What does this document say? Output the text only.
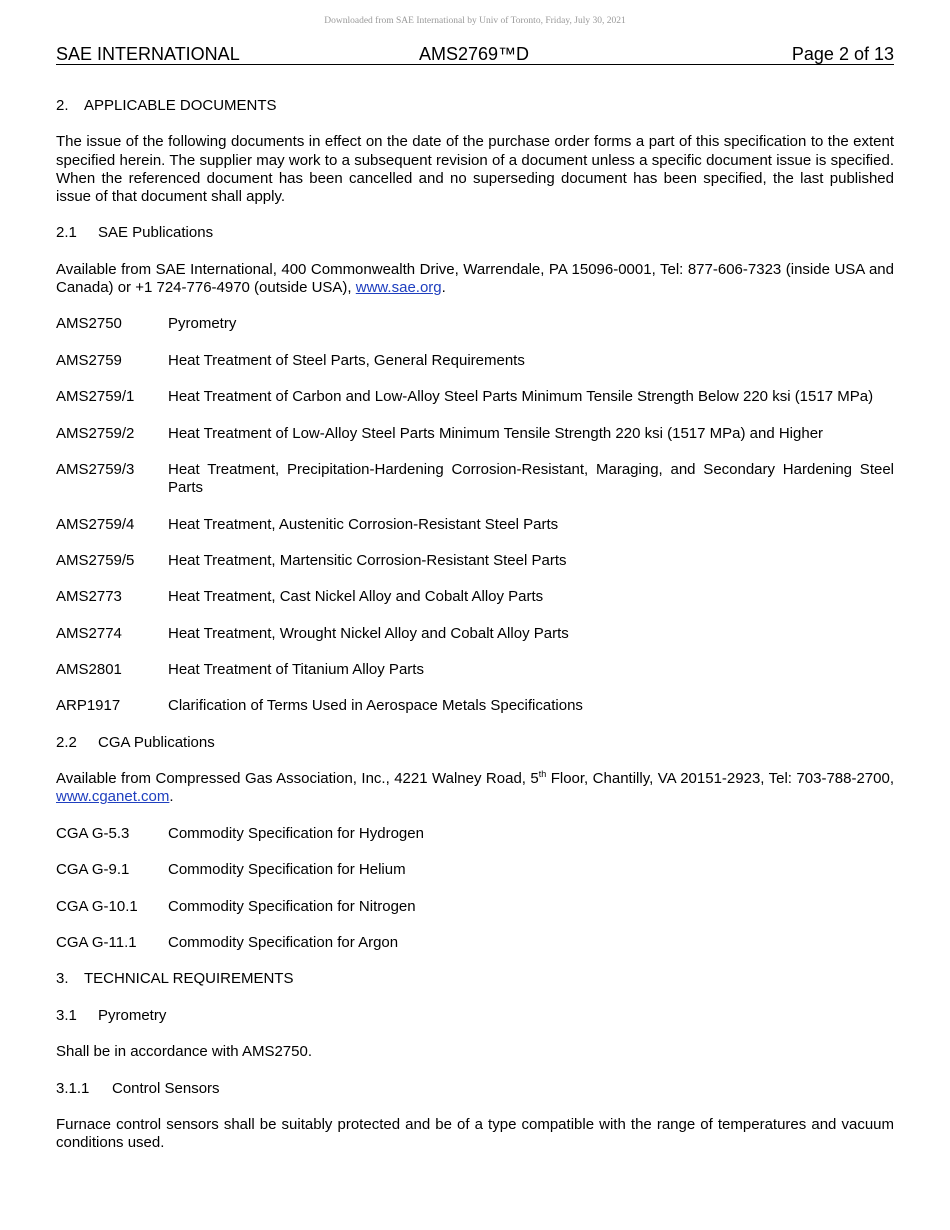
Downloaded from SAE International by Univ of Toronto, Friday, July 30, 2021
SAE INTERNATIONAL	AMS2769™D	Page 2 of 13
2. APPLICABLE DOCUMENTS
The issue of the following documents in effect on the date of the purchase order forms a part of this specification to the extent specified herein. The supplier may work to a subsequent revision of a document unless a specific document issue is specified. When the referenced document has been cancelled and no superseding document has been specified, the last published issue of that document shall apply.
2.1 SAE Publications
Available from SAE International, 400 Commonwealth Drive, Warrendale, PA 15096-0001, Tel: 877-606-7323 (inside USA and Canada) or +1 724-776-4970 (outside USA), www.sae.org.
AMS2750	Pyrometry
AMS2759	Heat Treatment of Steel Parts, General Requirements
AMS2759/1	Heat Treatment of Carbon and Low-Alloy Steel Parts Minimum Tensile Strength Below 220 ksi (1517 MPa)
AMS2759/2	Heat Treatment of Low-Alloy Steel Parts Minimum Tensile Strength 220 ksi (1517 MPa) and Higher
AMS2759/3	Heat Treatment, Precipitation-Hardening Corrosion-Resistant, Maraging, and Secondary Hardening Steel Parts
AMS2759/4	Heat Treatment, Austenitic Corrosion-Resistant Steel Parts
AMS2759/5	Heat Treatment, Martensitic Corrosion-Resistant Steel Parts
AMS2773	Heat Treatment, Cast Nickel Alloy and Cobalt Alloy Parts
AMS2774	Heat Treatment, Wrought Nickel Alloy and Cobalt Alloy Parts
AMS2801	Heat Treatment of Titanium Alloy Parts
ARP1917	Clarification of Terms Used in Aerospace Metals Specifications
2.2 CGA Publications
Available from Compressed Gas Association, Inc., 4221 Walney Road, 5th Floor, Chantilly, VA 20151-2923, Tel: 703-788-2700, www.cganet.com.
CGA G-5.3	Commodity Specification for Hydrogen
CGA G-9.1	Commodity Specification for Helium
CGA G-10.1	Commodity Specification for Nitrogen
CGA G-11.1	Commodity Specification for Argon
3. TECHNICAL REQUIREMENTS
3.1 Pyrometry
Shall be in accordance with AMS2750.
3.1.1 Control Sensors
Furnace control sensors shall be suitably protected and be of a type compatible with the range of temperatures and vacuum conditions used.
